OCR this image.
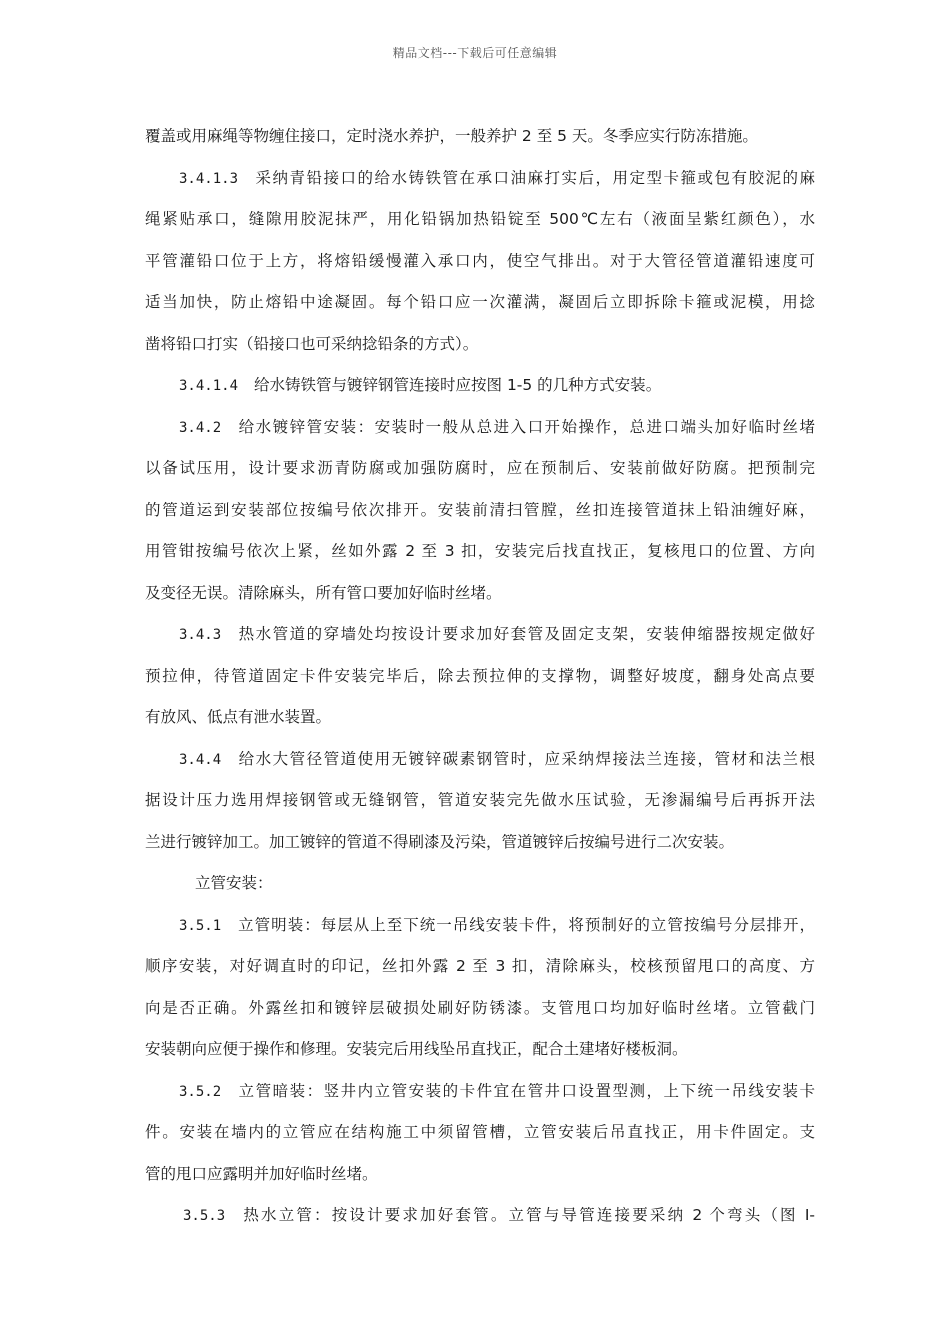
精品文档---下载后可任意编辑
覆盖或用麻绳等物缠住接口，定时浇水养护，一般养护 2 至 5 天。冬季应实行防冻措施。
3.4.1.3 采纳青铅接口的给水铸铁管在承口油麻打实后，用定型卡箍或包有胶泥的麻
绳紧贴承口，缝隙用胶泥抹严，用化铅锅加热铅锭至 500℃左右（液面呈紫红颜色），水
平管灌铅口位于上方，将熔铅缓慢灌入承口内，使空气排出。对于大管径管道灌铅速度可
适当加快，防止熔铅中途凝固。每个铅口应一次灌满，凝固后立即拆除卡箍或泥模，用捻
凿将铅口打实（铅接口也可采纳捻铅条的方式）。
3.4.1.4 给水铸铁管与镀锌钢管连接时应按图 1-5 的几种方式安装。
3.4.2 给水镀锌管安装：安装时一般从总进入口开始操作，总进口端头加好临时丝堵
以备试压用，设计要求沥青防腐或加强防腐时，应在预制后、安装前做好防腐。把预制完
的管道运到安装部位按编号依次排开。安装前清扫管膛，丝扣连接管道抹上铅油缠好麻，
用管钳按编号依次上紧，丝如外露 2 至 3 扣，安装完后找直找正，复核甩口的位置、方向
及变径无误。清除麻头，所有管口要加好临时丝堵。
3.4.3 热水管道的穿墙处均按设计要求加好套管及固定支架，安装伸缩器按规定做好
预拉伸，待管道固定卡件安装完毕后，除去预拉伸的支撑物，调整好坡度，翻身处高点要
有放风、低点有泄水装置。
3.4.4 给水大管径管道使用无镀锌碳素钢管时，应采纳焊接法兰连接，管材和法兰根
据设计压力选用焊接钢管或无缝钢管，管道安装完先做水压试验，无渗漏编号后再拆开法
兰进行镀锌加工。加工镀锌的管道不得刷漆及污染，管道镀锌后按编号进行二次安装。
立管安装：
3.5.1 立管明装：每层从上至下统一吊线安装卡件，将预制好的立管按编号分层排开，
顺序安装，对好调直时的印记，丝扣外露 2 至 3 扣，清除麻头，校核预留甩口的高度、方
向是否正确。外露丝扣和镀锌层破损处刷好防锈漆。支管甩口均加好临时丝堵。立管截门
安装朝向应便于操作和修理。安装完后用线坠吊直找正，配合土建堵好楼板洞。
3.5.2 立管暗装：竖井内立管安装的卡件宜在管井口设置型测，上下统一吊线安装卡
件。安装在墙内的立管应在结构施工中须留管槽，立管安装后吊直找正，用卡件固定。支
管的甩口应露明并加好临时丝堵。
3.5.3 热水立管：按设计要求加好套管。立管与导管连接要采纳 2 个弯头（图 I-
